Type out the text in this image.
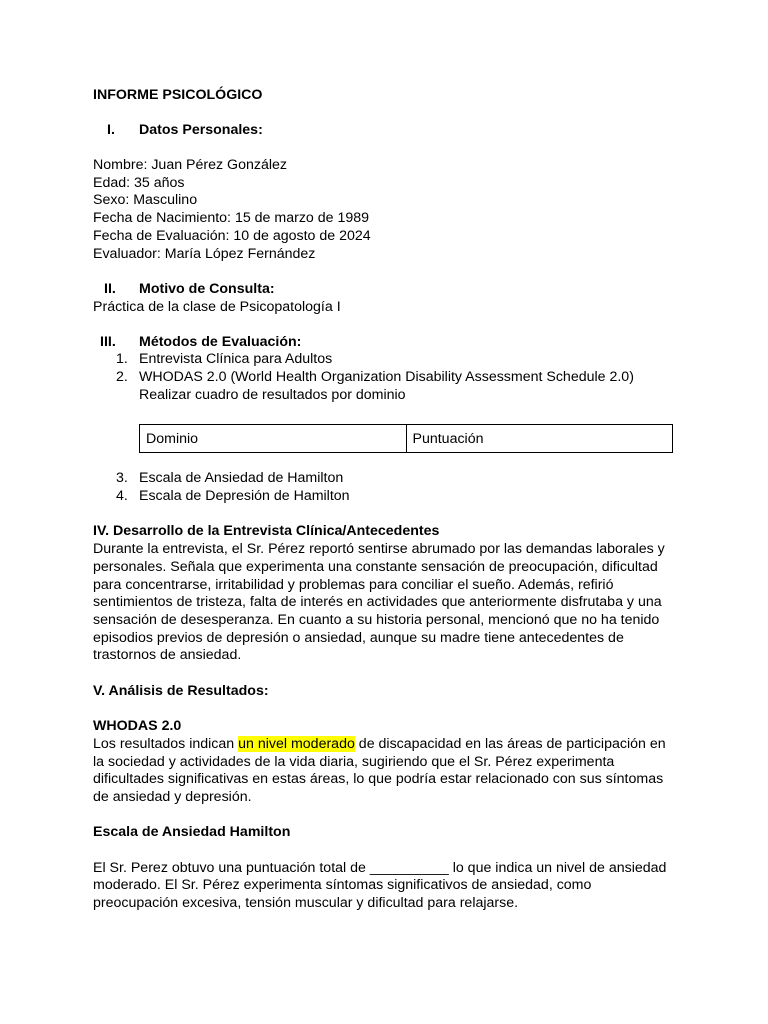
INFORME PSICOLÓGICO
I. Datos Personales:
Nombre: Juan Pérez González
Edad: 35 años
Sexo: Masculino
Fecha de Nacimiento: 15 de marzo de 1989
Fecha de Evaluación: 10 de agosto de 2024
Evaluador: María López Fernández
II. Motivo de Consulta:
Práctica de la clase de Psicopatología I
III. Métodos de Evaluación:
1. Entrevista Clínica para Adultos
2. WHODAS 2.0 (World Health Organization Disability Assessment Schedule 2.0)
Realizar cuadro de resultados por dominio
Dominio	Puntuación
3. Escala de Ansiedad de Hamilton
4. Escala de Depresión de Hamilton
IV. Desarrollo de la Entrevista Clínica/Antecedentes
Durante la entrevista, el Sr. Pérez reportó sentirse abrumado por las demandas laborales y
personales. Señala que experimenta una constante sensación de preocupación, dificultad
para concentrarse, irritabilidad y problemas para conciliar el sueño. Además, refirió
sentimientos de tristeza, falta de interés en actividades que anteriormente disfrutaba y una
sensación de desesperanza. En cuanto a su historia personal, mencionó que no ha tenido
episodios previos de depresión o ansiedad, aunque su madre tiene antecedentes de
trastornos de ansiedad.
V. Análisis de Resultados:
WHODAS 2.0
Los resultados indican un nivel moderado de discapacidad en las áreas de participación en
la sociedad y actividades de la vida diaria, sugiriendo que el Sr. Pérez experimenta
dificultades significativas en estas áreas, lo que podría estar relacionado con sus síntomas
de ansiedad y depresión.
Escala de Ansiedad Hamilton
El Sr. Perez obtuvo una puntuación total de __________ lo que indica un nivel de ansiedad
moderado. El Sr. Pérez experimenta síntomas significativos de ansiedad, como
preocupación excesiva, tensión muscular y dificultad para relajarse.
